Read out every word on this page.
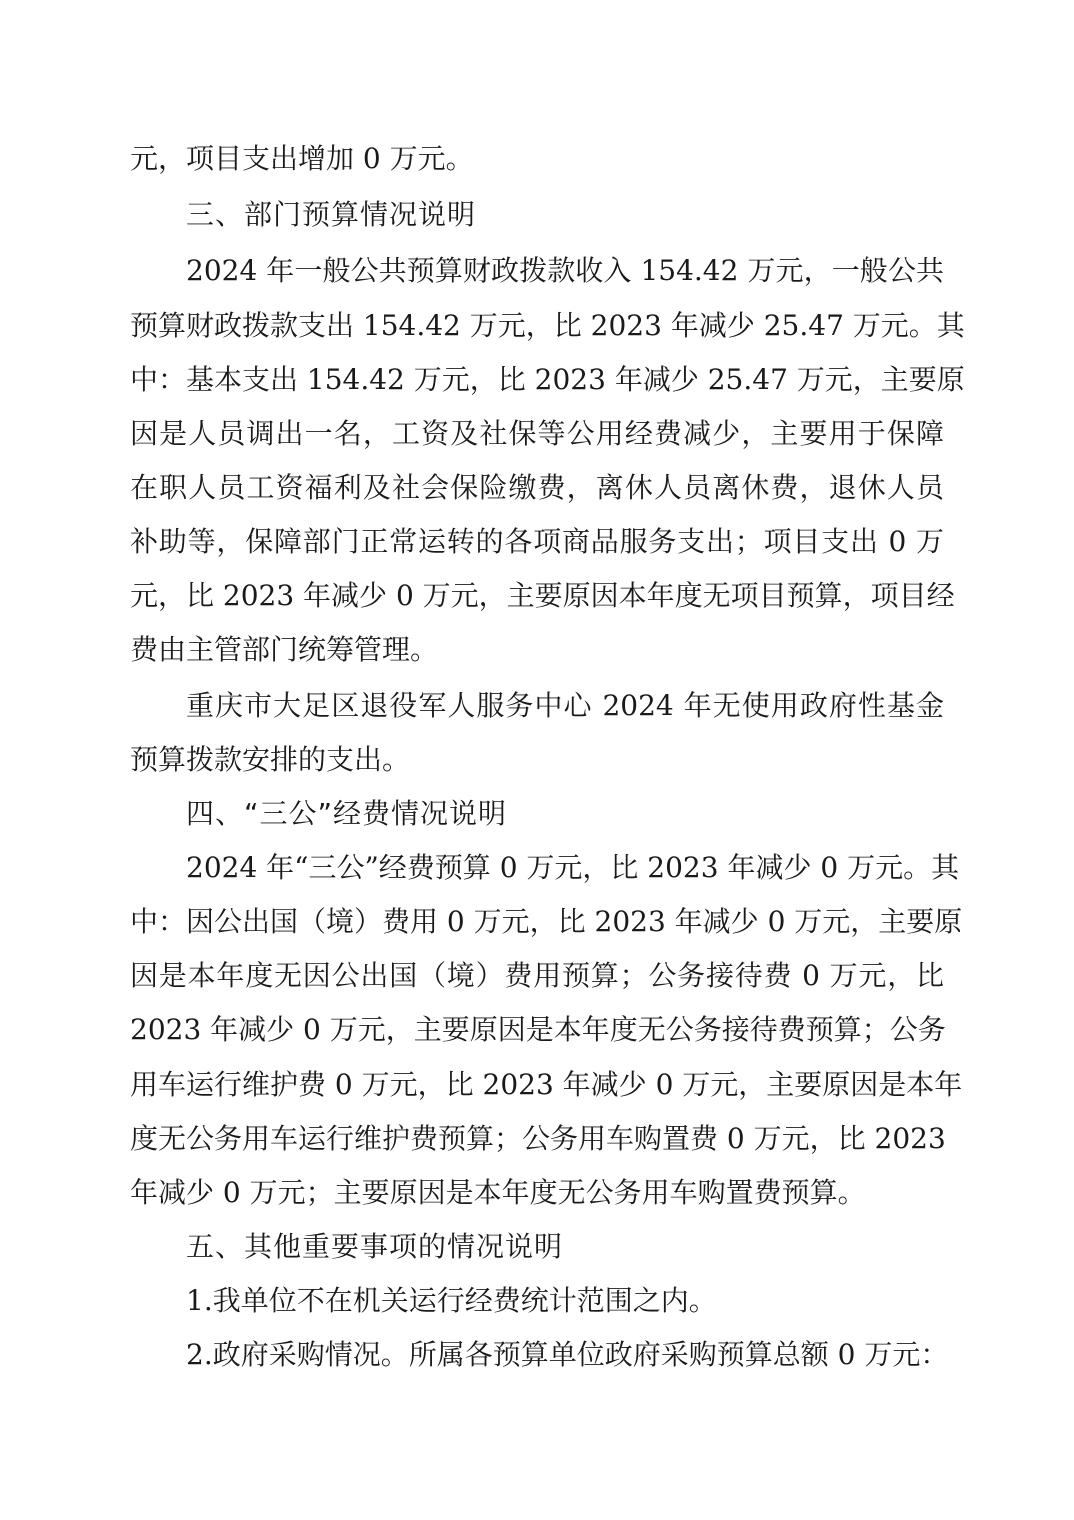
元，项目支出增加 0 万元。
三、部门预算情况说明
2024 年一般公共预算财政拨款收入 154.42 万元，一般公共
预算财政拨款支出 154.42 万元，比 2023 年减少 25.47 万元。其
中：基本支出 154.42 万元，比 2023 年减少 25.47 万元，主要原
因是人员调出一名，工资及社保等公用经费减少，主要用于保障
在职人员工资福利及社会保险缴费，离休人员离休费，退休人员
补助等，保障部门正常运转的各项商品服务支出；项目支出 0 万
元，比 2023 年减少 0 万元，主要原因本年度无项目预算，项目经
费由主管部门统筹管理。
重庆市大足区退役军人服务中心 2024 年无使用政府性基金
预算拨款安排的支出。
四、“三公”经费情况说明
2024 年“三公”经费预算 0 万元，比 2023 年减少 0 万元。其
中：因公出国（境）费用 0 万元，比 2023 年减少 0 万元，主要原
因是本年度无因公出国（境）费用预算；公务接待费 0 万元，比
2023 年减少 0 万元，主要原因是本年度无公务接待费预算；公务
用车运行维护费 0 万元，比 2023 年减少 0 万元，主要原因是本年
度无公务用车运行维护费预算；公务用车购置费 0 万元，比 2023
年减少 0 万元；主要原因是本年度无公务用车购置费预算。
五、其他重要事项的情况说明
1.我单位不在机关运行经费统计范围之内。
2.政府采购情况。所属各预算单位政府采购预算总额 0 万元：
